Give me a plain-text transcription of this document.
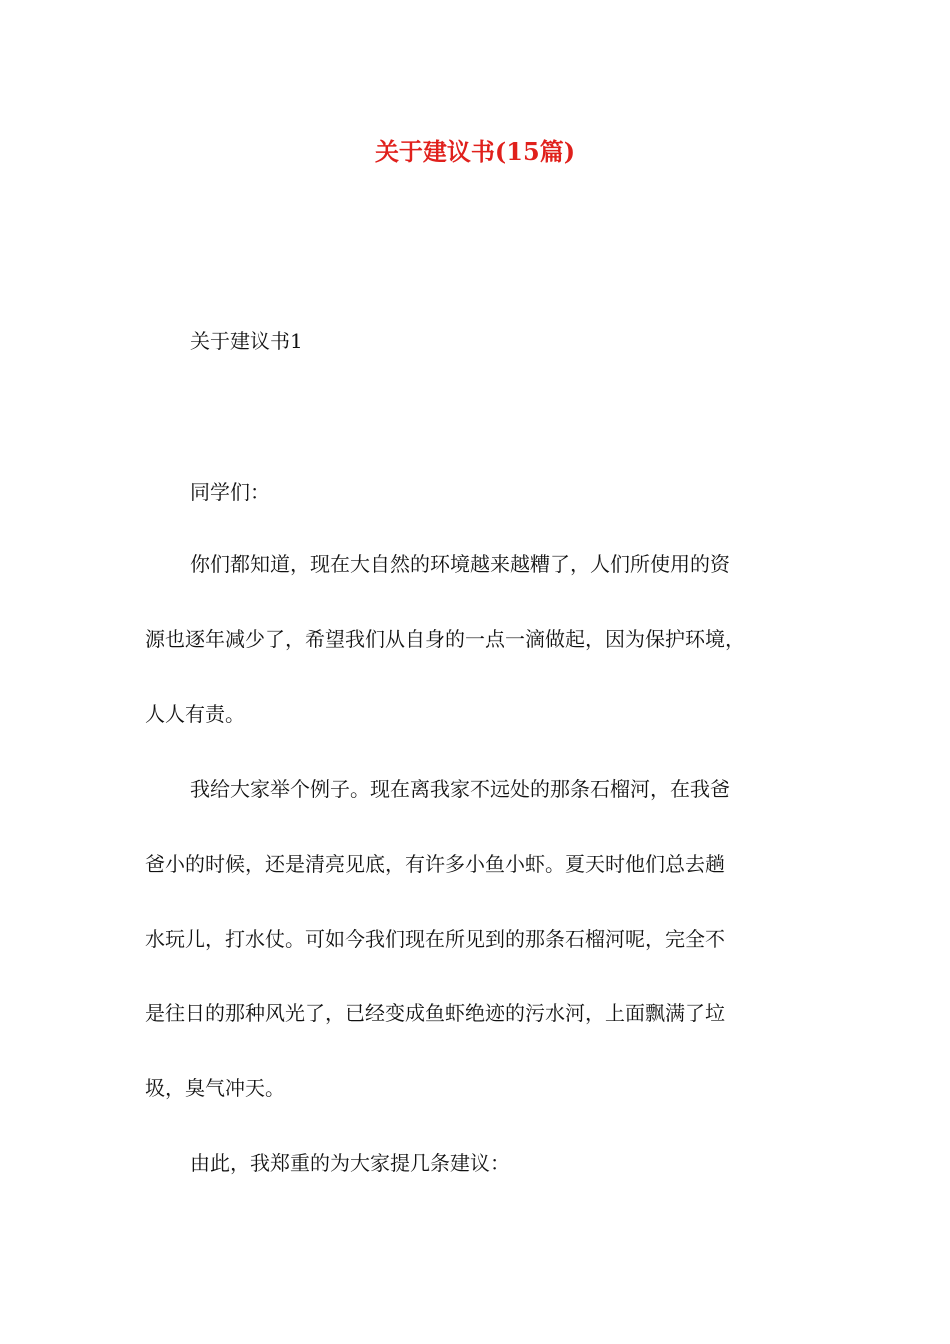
关于建议书(15篇)
关于建议书1
同学们：
你们都知道，现在大自然的环境越来越糟了，人们所使用的资
源也逐年减少了，希望我们从自身的一点一滴做起，因为保护环境，
人人有责。
我给大家举个例子。现在离我家不远处的那条石榴河，在我爸
爸小的时候，还是清亮见底，有许多小鱼小虾。夏天时他们总去趟
水玩儿，打水仗。可如今我们现在所见到的那条石榴河呢，完全不
是往日的那种风光了，已经变成鱼虾绝迹的污水河，上面飘满了垃
圾，臭气冲天。
由此，我郑重的为大家提几条建议：
